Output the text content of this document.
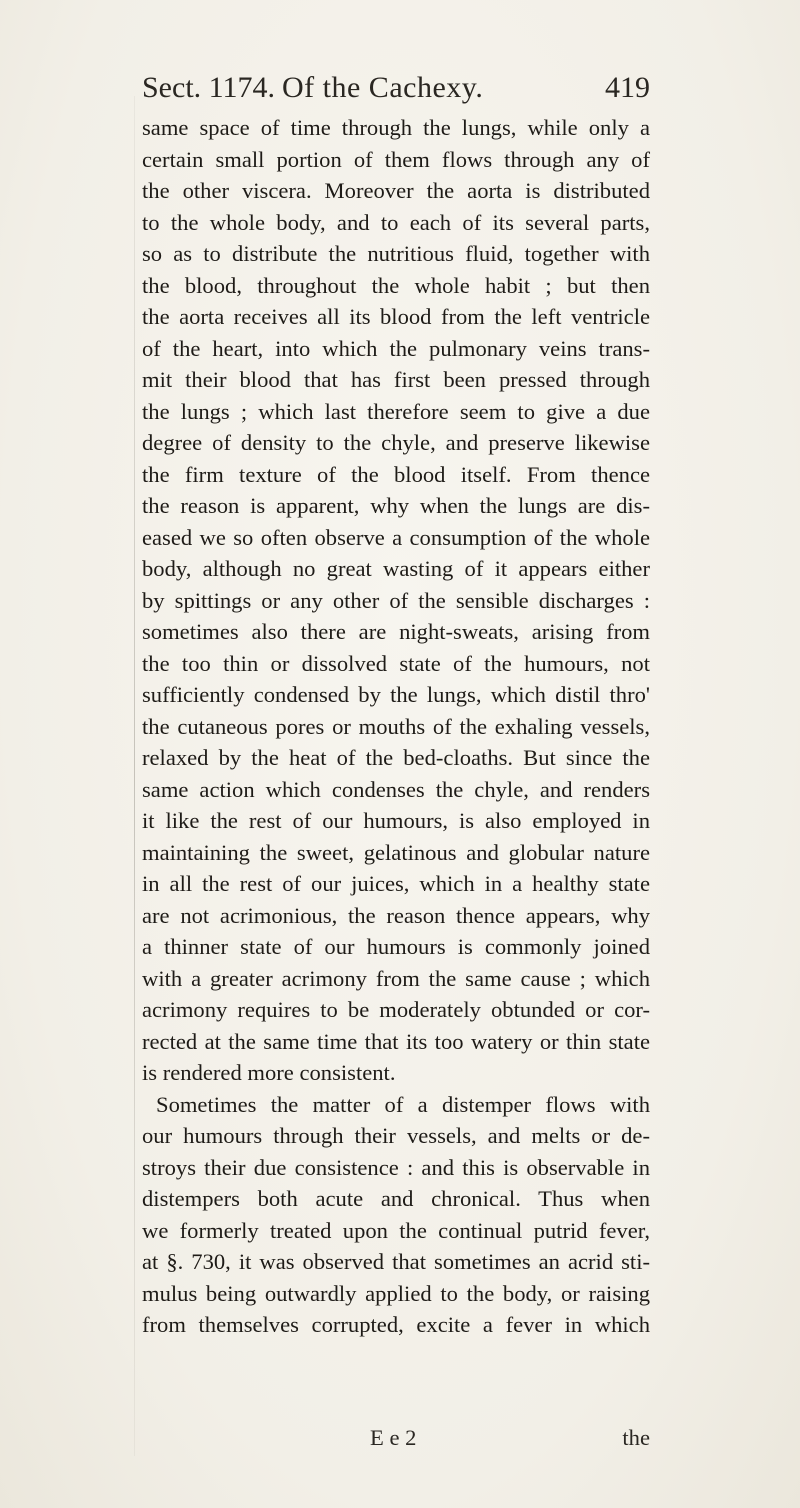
Sect. 1174. Of the Cachexy.	419
same space of time through the lungs, while only a
certain small portion of them flows through any of
the other viscera. Moreover the aorta is distributed
to the whole body, and to each of its several parts,
so as to distribute the nutritious fluid, together with
the blood, throughout the whole habit ; but then
the aorta receives all its blood from the left ventricle
of the heart, into which the pulmonary veins trans-
mit their blood that has first been pressed through
the lungs ; which last therefore seem to give a due
degree of density to the chyle, and preserve likewise
the firm texture of the blood itself. From thence
the reason is apparent, why when the lungs are dis-
eased we so often observe a consumption of the whole
body, although no great wasting of it appears either
by spittings or any other of the sensible discharges :
sometimes also there are night-sweats, arising from
the too thin or dissolved state of the humours, not
sufficiently condensed by the lungs, which distil thro'
the cutaneous pores or mouths of the exhaling vessels,
relaxed by the heat of the bed-cloaths. But since the
same action which condenses the chyle, and renders
it like the rest of our humours, is also employed in
maintaining the sweet, gelatinous and globular nature
in all the rest of our juices, which in a healthy state
are not acrimonious, the reason thence appears, why
a thinner state of our humours is commonly joined
with a greater acrimony from the same cause ; which
acrimony requires to be moderately obtunded or cor-
rected at the same time that its too watery or thin state
is rendered more consistent.
Sometimes the matter of a distemper flows with
our humours through their vessels, and melts or de-
stroys their due consistence : and this is observable in
distempers both acute and chronical. Thus when
we formerly treated upon the continual putrid fever,
at §. 730, it was observed that sometimes an acrid sti-
mulus being outwardly applied to the body, or raising
from themselves corrupted, excite a fever in which
E e 2	the
